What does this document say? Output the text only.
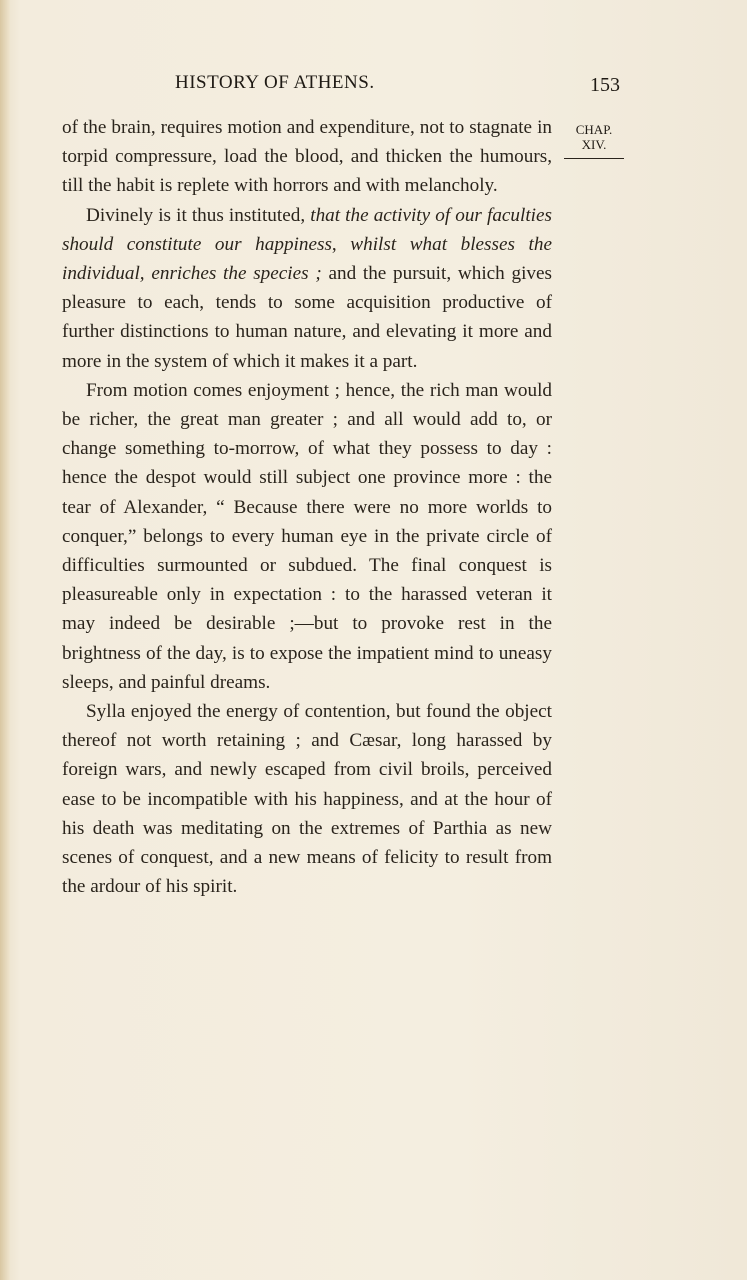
HISTORY OF ATHENS.	153
CHAP.
XIV.

of the brain, requires motion and expenditure, not to stagnate in torpid compressure, load the blood, and thicken the humours, till the habit is replete with horrors and with melancholy.

Divinely is it thus instituted, that the activity of our faculties should constitute our happiness, whilst what blesses the individual, enriches the species ; and the pursuit, which gives pleasure to each, tends to some acquisition productive of further distinctions to human nature, and elevating it more and more in the system of which it makes it a part.

From motion comes enjoyment ; hence, the rich man would be richer, the great man greater ; and all would add to, or change something to-morrow, of what they possess to day : hence the despot would still subject one province more : the tear of Alexander, “ Because there were no more worlds to conquer,” belongs to every human eye in the private circle of difficulties surmounted or subdued. The final conquest is pleasureable only in expectation : to the harassed veteran it may indeed be desirable ;—but to provoke rest in the brightness of the day, is to expose the impatient mind to uneasy sleeps, and painful dreams.

Sylla enjoyed the energy of contention, but found the object thereof not worth retaining ; and Cæsar, long harassed by foreign wars, and newly escaped from civil broils, perceived ease to be incompatible with his happiness, and at the hour of his death was meditating on the extremes of Parthia as new scenes of conquest, and a new means of felicity to result from the ardour of his spirit.
